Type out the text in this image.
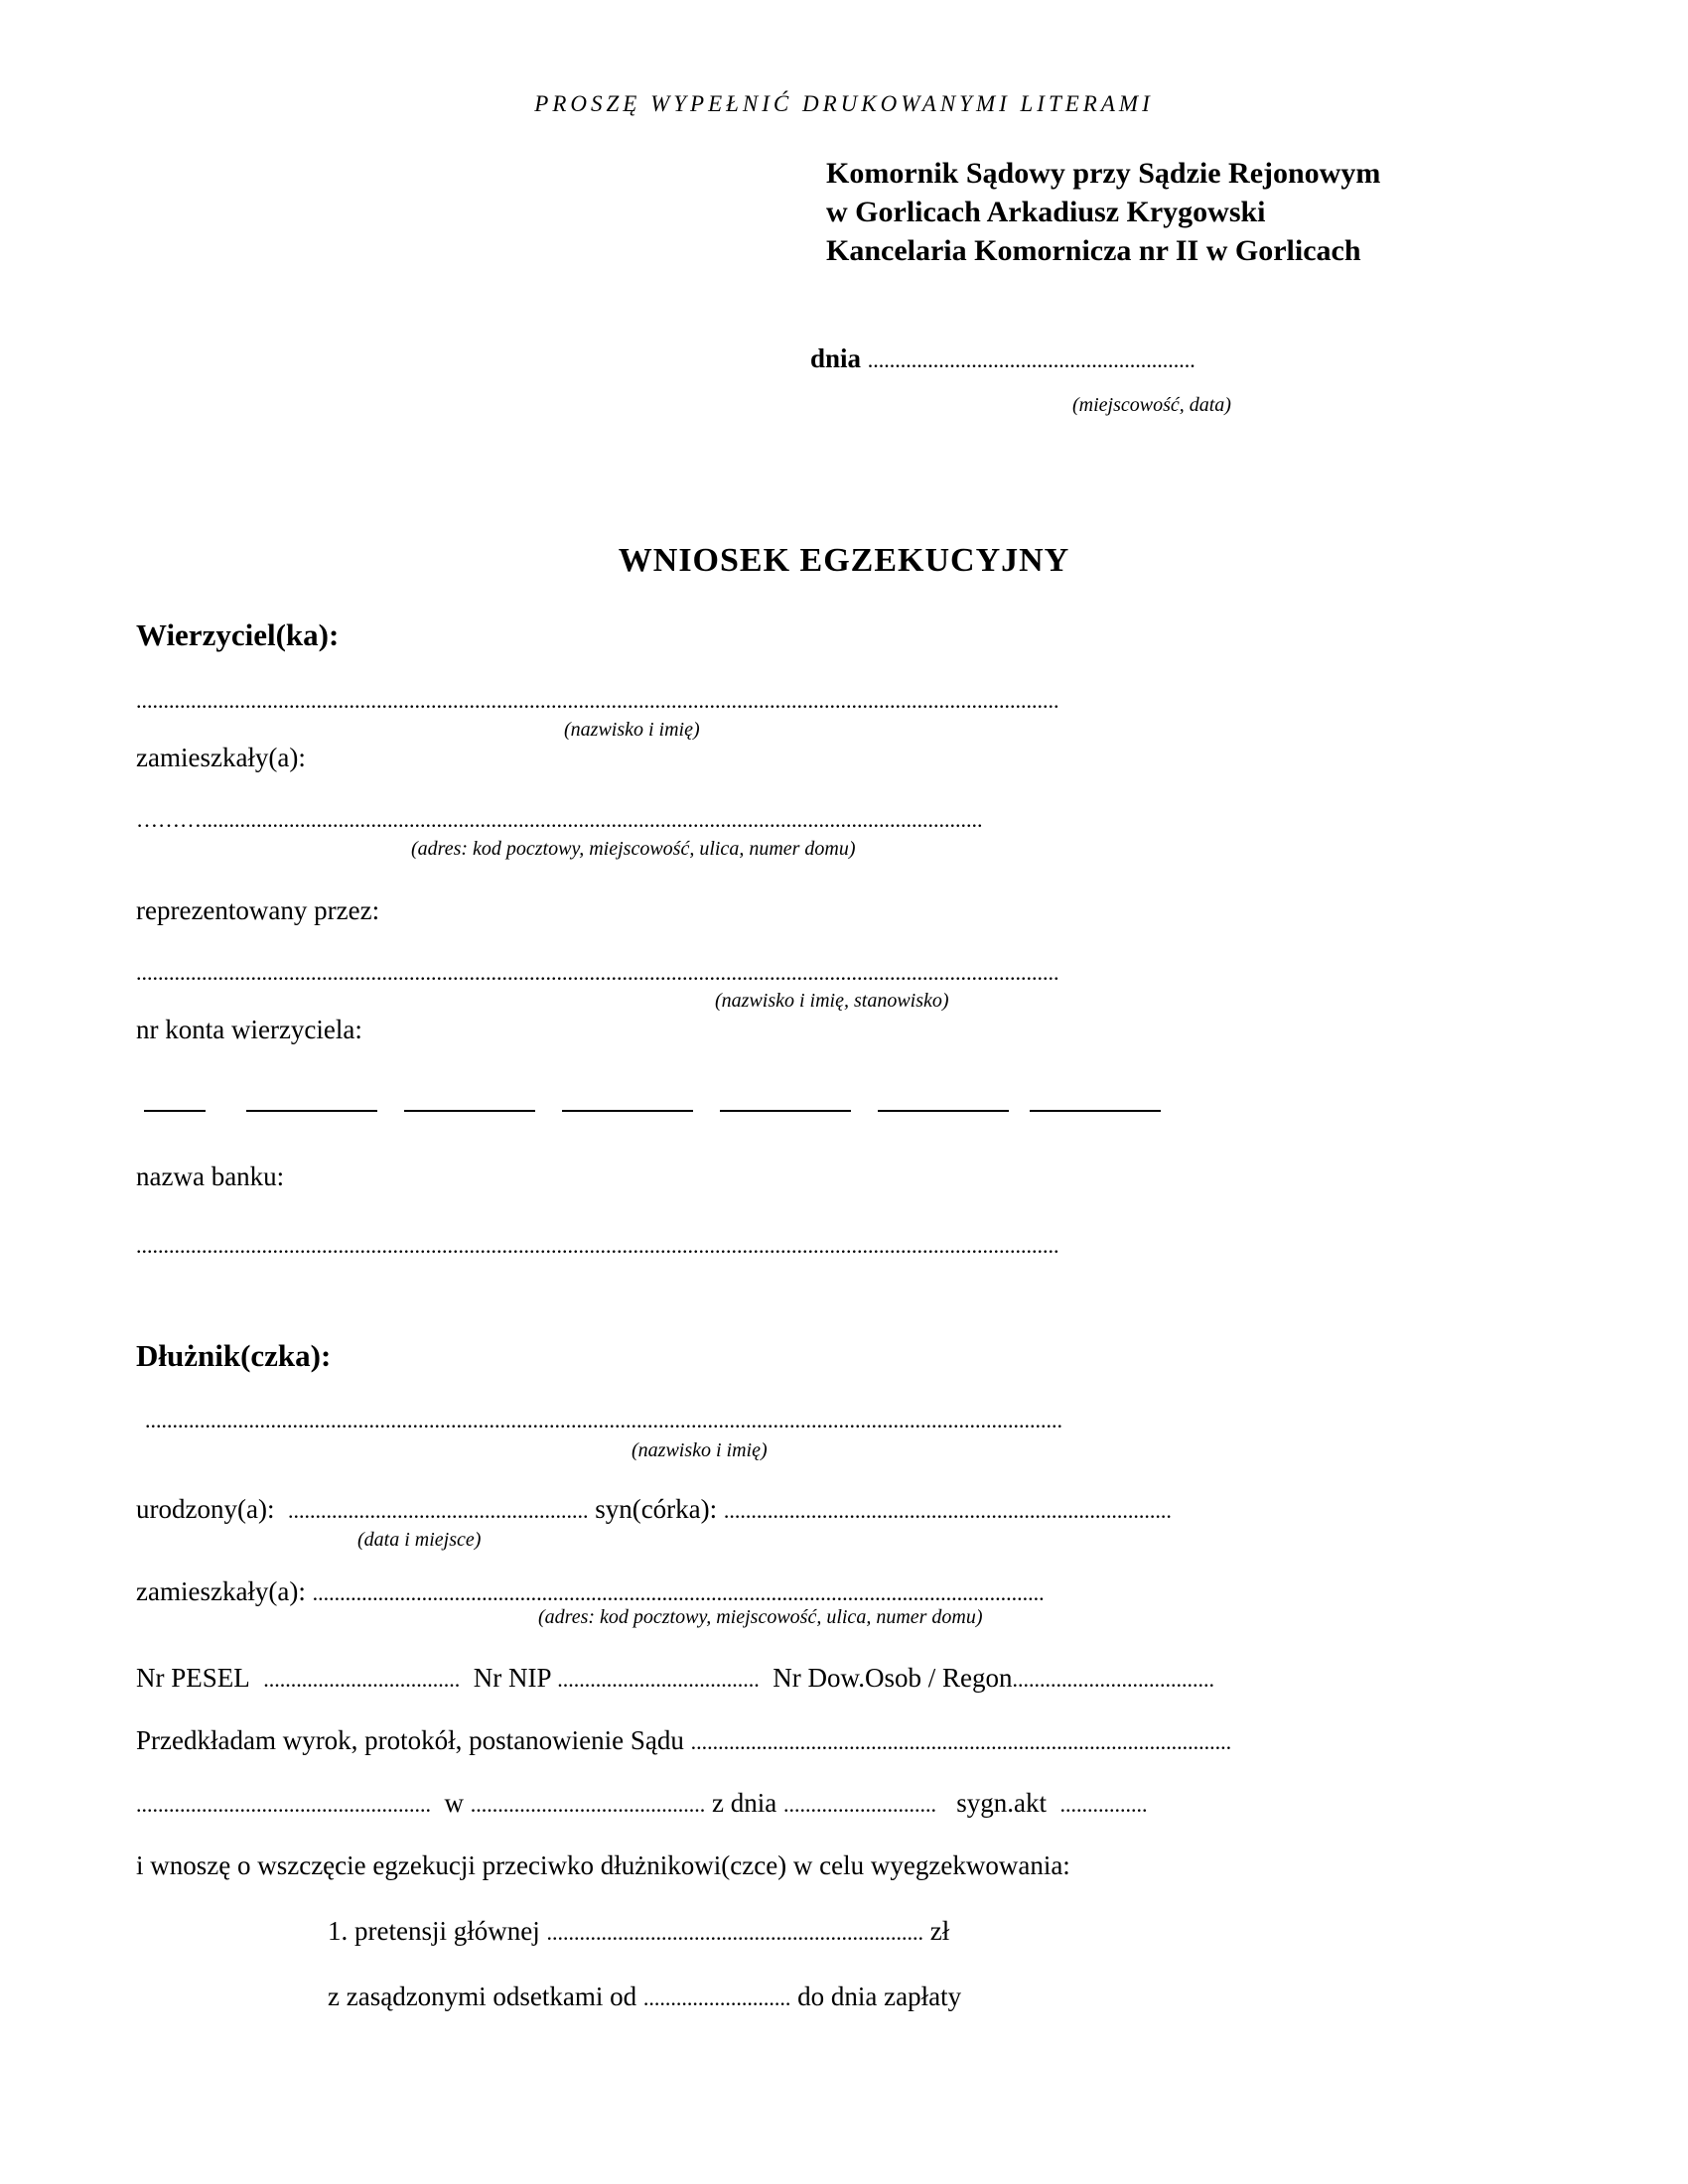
PROSZĘ WYPEŁNIĆ DRUKOWANYMI LITERAMI
Komornik Sądowy przy Sądzie Rejonowym
w Gorlicach Arkadiusz Krygowski
Kancelaria Komornicza nr II w Gorlicach
dnia ............................................................
(miejscowość, data)
WNIOSEK EGZEKUCYJNY
Wierzyciel(ka):
.........................................................................................................................................................................
(nazwisko i imię)
zamieszkały(a):
………...............................................................................................................................................
(adres: kod pocztowy, miejscowość, ulica, numer domu)
reprezentowany przez:
.........................................................................................................................................................................
(nazwisko i imię, stanowisko)
nr konta wierzyciela:
nazwa banku:
.........................................................................................................................................................................
Dłużnik(czka):
........................................................................................................................................................................
(nazwisko i imię)
urodzony(a): ....................................................... syn(córka): ..................................................................................
(data i miejsce)
zamieszkały(a): ......................................................................................................................................
(adres: kod pocztowy, miejscowość, ulica, numer domu)
Nr PESEL .................................... Nr NIP ..................................... Nr Dow.Osob / Regon.....................................
Przedkładam wyrok, protokół, postanowienie Sądu ...................................................................................................
...................................................... w ........................................... z dnia ............................ sygn.akt ................
i wnoszę o wszczęcie egzekucji przeciwko dłużnikowi(czce) w celu wyegzekwowania:
1. pretensji głównej ..................................................................... zł
z zasądzonymi odsetkami od ........................... do dnia zapłaty
